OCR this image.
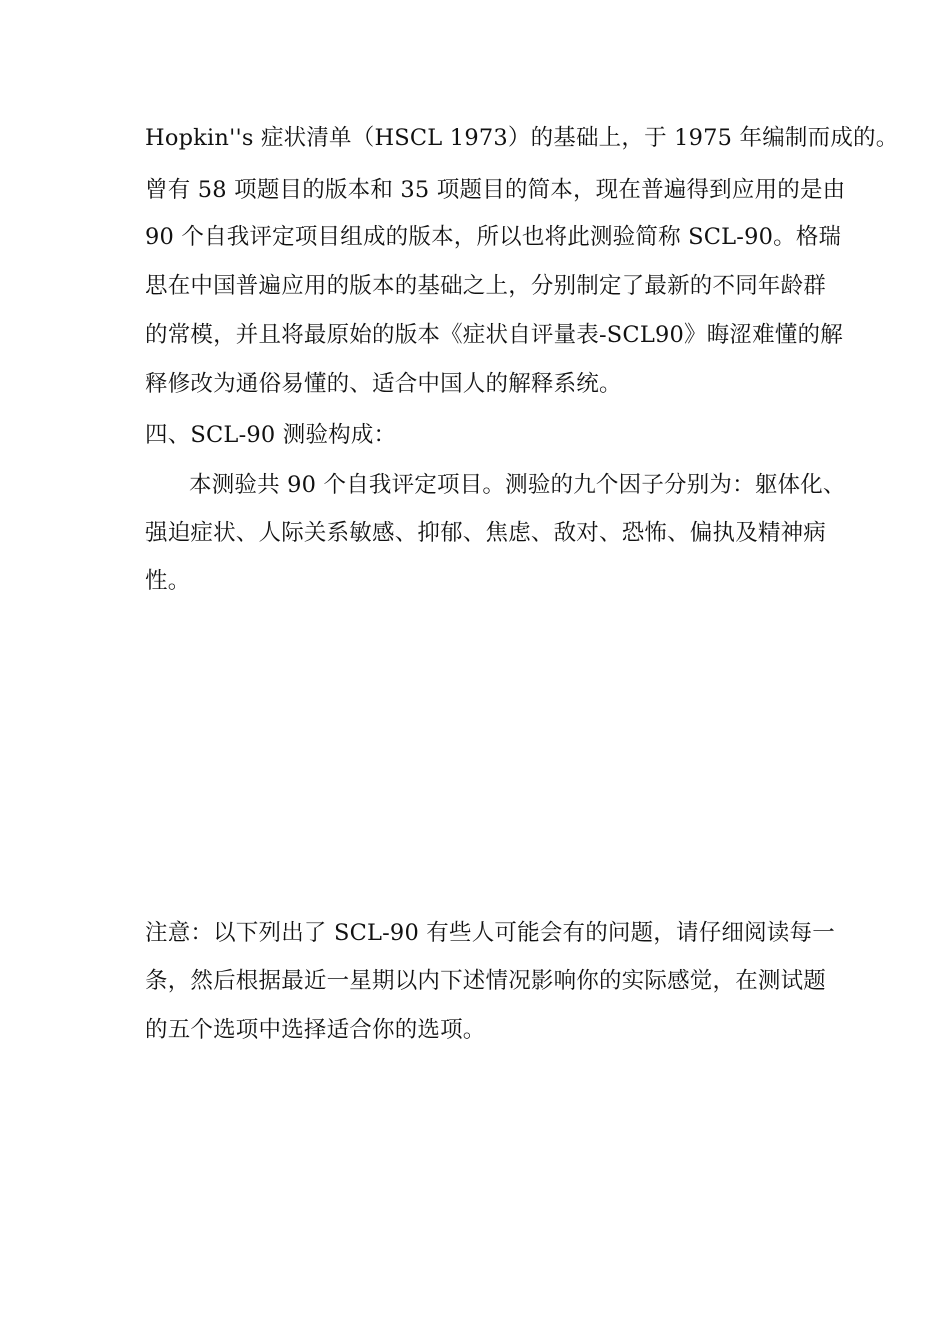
Hopkin''s 症状清单（HSCL 1973）的基础上，于 1975 年编制而成的。
曾有 58 项题目的版本和 35 项题目的简本，现在普遍得到应用的是由
90 个自我评定项目组成的版本，所以也将此测验简称 SCL-90。格瑞
思在中国普遍应用的版本的基础之上，分别制定了最新的不同年龄群
的常模，并且将最原始的版本《症状自评量表-SCL90》晦涩难懂的解
释修改为通俗易懂的、适合中国人的解释系统。
四、SCL-90 测验构成：
本测验共 90 个自我评定项目。测验的九个因子分别为：躯体化、
强迫症状、人际关系敏感、抑郁、焦虑、敌对、恐怖、偏执及精神病
性。
注意：以下列出了 SCL-90 有些人可能会有的问题，请仔细阅读每一
条，然后根据最近一星期以内下述情况影响你的实际感觉，在测试题
的五个选项中选择适合你的选项。
